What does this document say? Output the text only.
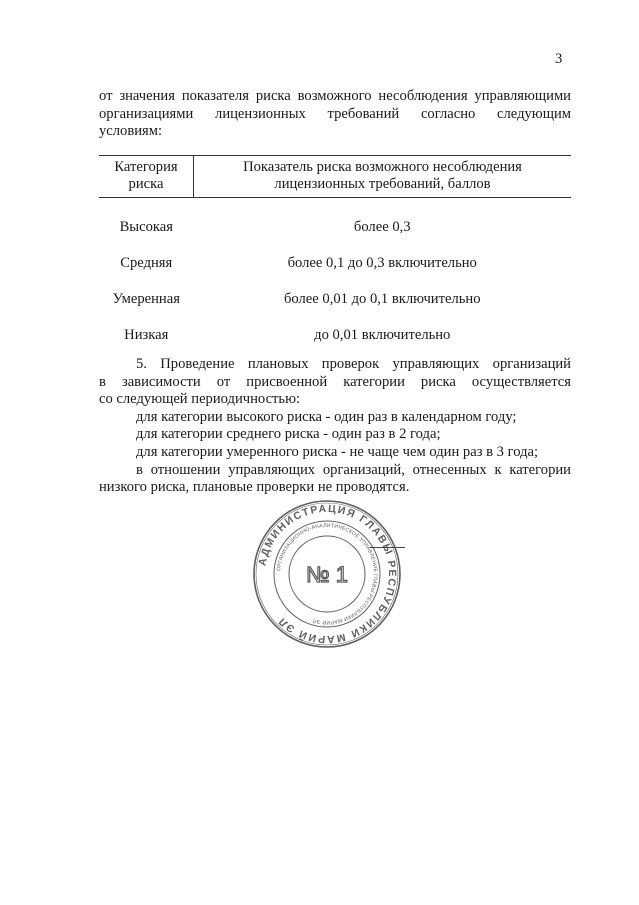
3
от значения показателя риска возможного несоблюдения управляющими
организациями лицензионных требований согласно следующим
условиям:
Категория
риска	Показатель риска возможного несоблюдения
лицензионных требований, баллов
Высокая	более 0,3
Средняя	более 0,1 до 0,3 включительно
Умеренная	более 0,01 до 0,1 включительно
Низкая	до 0,01 включительно
5. Проведение плановых проверок управляющих организаций
в зависимости от присвоенной категории риска осуществляется
со следующей периодичностью:
для категории высокого риска - один раз в календарном году;
для категории среднего риска - один раз в 2 года;
для категории умеренного риска - не чаще чем один раз в 3 года;
в отношении управляющих организаций, отнесенных к категории
низкого риска, плановые проверки не проводятся.
АДМИНИСТРАЦИЯ ГЛАВЫ РЕСПУБЛИКИ МАРИЙ ЭЛ
ОРГАНИЗАЦИОННО-АНАЛИТИЧЕСКОЕ УПРАВЛЕНИЕ ГЛАВЫ РЕСПУБЛИКИ МАРИЙ ЭЛ
№ 1
